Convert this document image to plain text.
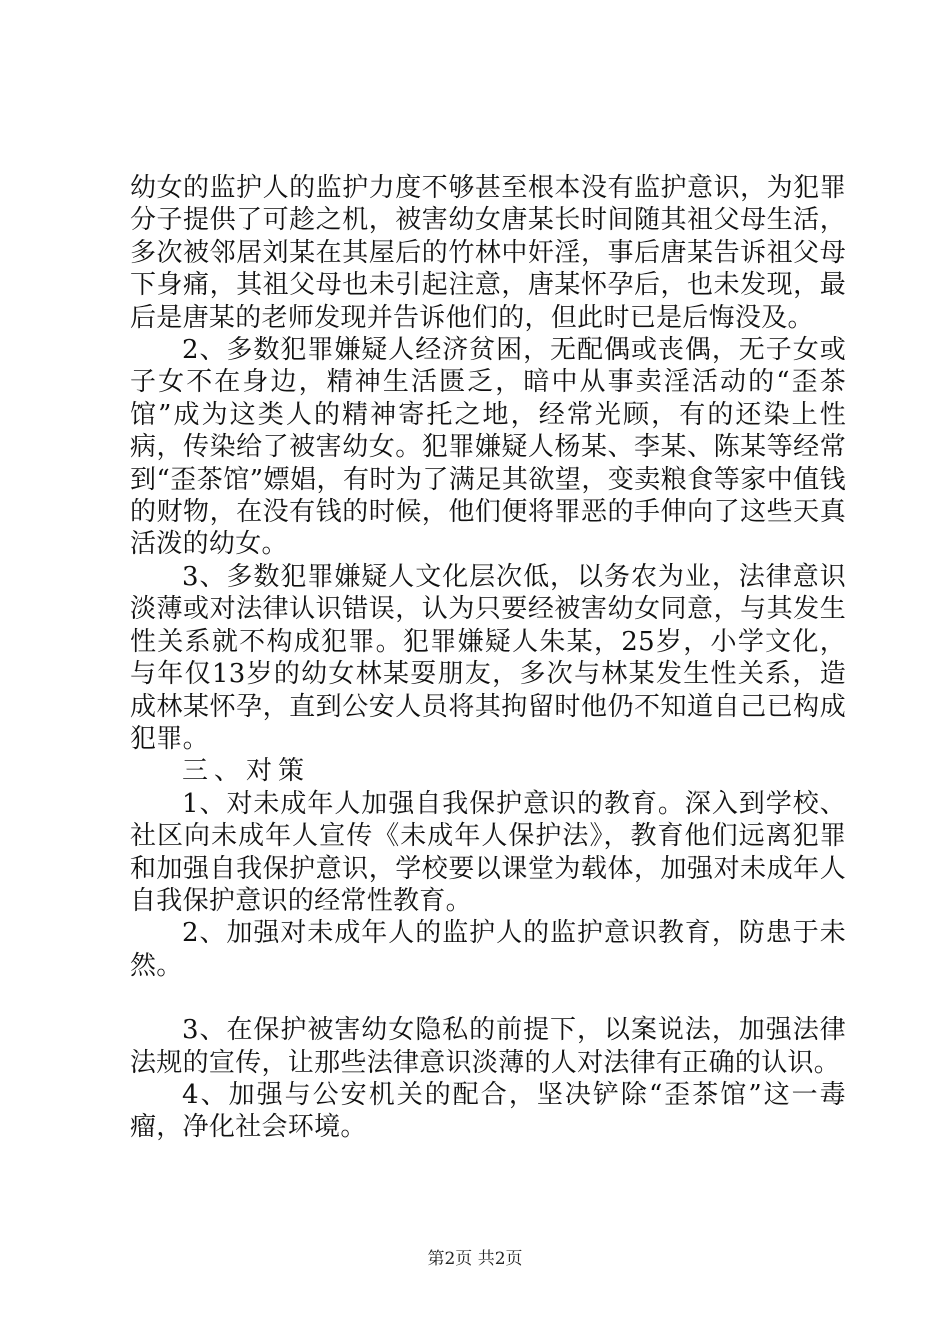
幼女的监护人的监护力度不够甚至根本没有监护意识，为犯罪分子提供了可趁之机，被害幼女唐某长时间随其祖父母生活，多次被邻居刘某在其屋后的竹林中奸淫，事后唐某告诉祖父母下身痛，其祖父母也未引起注意，唐某怀孕后，也未发现，最后是唐某的老师发现并告诉他们的，但此时已是后悔没及。

2、多数犯罪嫌疑人经济贫困，无配偶或丧偶，无子女或子女不在身边，精神生活匮乏，暗中从事卖淫活动的“歪茶馆”成为这类人的精神寄托之地，经常光顾，有的还染上性病，传染给了被害幼女。犯罪嫌疑人杨某、李某、陈某等经常到“歪茶馆”嫖娼，有时为了满足其欲望，变卖粮食等家中值钱的财物，在没有钱的时候，他们便将罪恶的手伸向了这些天真活泼的幼女。

3、多数犯罪嫌疑人文化层次低，以务农为业，法律意识淡薄或对法律认识错误，认为只要经被害幼女同意，与其发生性关系就不构成犯罪。犯罪嫌疑人朱某，25岁，小学文化，与年仅13岁的幼女林某耍朋友，多次与林某发生性关系，造成林某怀孕，直到公安人员将其拘留时他仍不知道自己已构成犯罪。

三、对策

1、对未成年人加强自我保护意识的教育。深入到学校、社区向未成年人宣传《未成年人保护法》，教育他们远离犯罪和加强自我保护意识，学校要以课堂为载体，加强对未成年人自我保护意识的经常性教育。

2、加强对未成年人的监护人的监护意识教育，防患于未然。

3、在保护被害幼女隐私的前提下，以案说法，加强法律法规的宣传，让那些法律意识淡薄的人对法律有正确的认识。

4、加强与公安机关的配合，坚决铲除“歪茶馆”这一毒瘤，净化社会环境。

第2页 共2页
